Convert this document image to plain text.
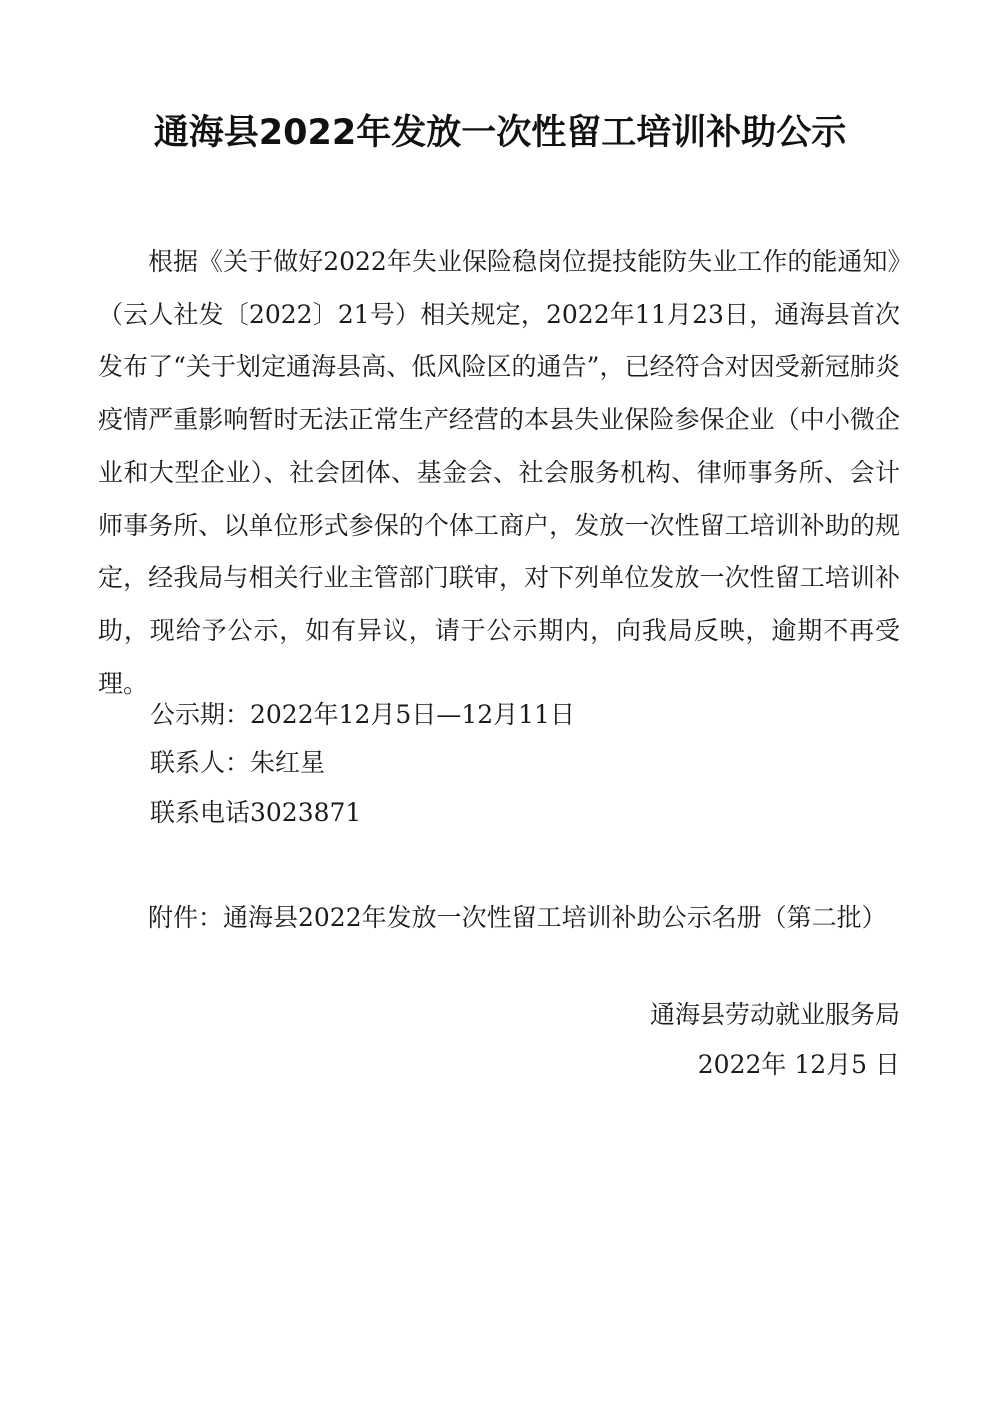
通海县2022年发放一次性留工培训补助公示

根据《关于做好2022年失业保险稳岗位提技能防失业工作的能通知》（云人社发〔2022〕21号）相关规定，2022年11月23日，通海县首次发布了“关于划定通海县高、低风险区的通告”，已经符合对因受新冠肺炎疫情严重影响暂时无法正常生产经营的本县失业保险参保企业（中小微企业和大型企业）、社会团体、基金会、社会服务机构、律师事务所、会计师事务所、以单位形式参保的个体工商户，发放一次性留工培训补助的规定，经我局与相关行业主管部门联审，对下列单位发放一次性留工培训补助，现给予公示，如有异议，请于公示期内，向我局反映，逾期不再受理。

公示期：2022年12月5日—12月11日
联系人：朱红星
联系电话3023871

附件：通海县2022年发放一次性留工培训补助公示名册（第二批）

通海县劳动就业服务局
2022年 12月5 日
